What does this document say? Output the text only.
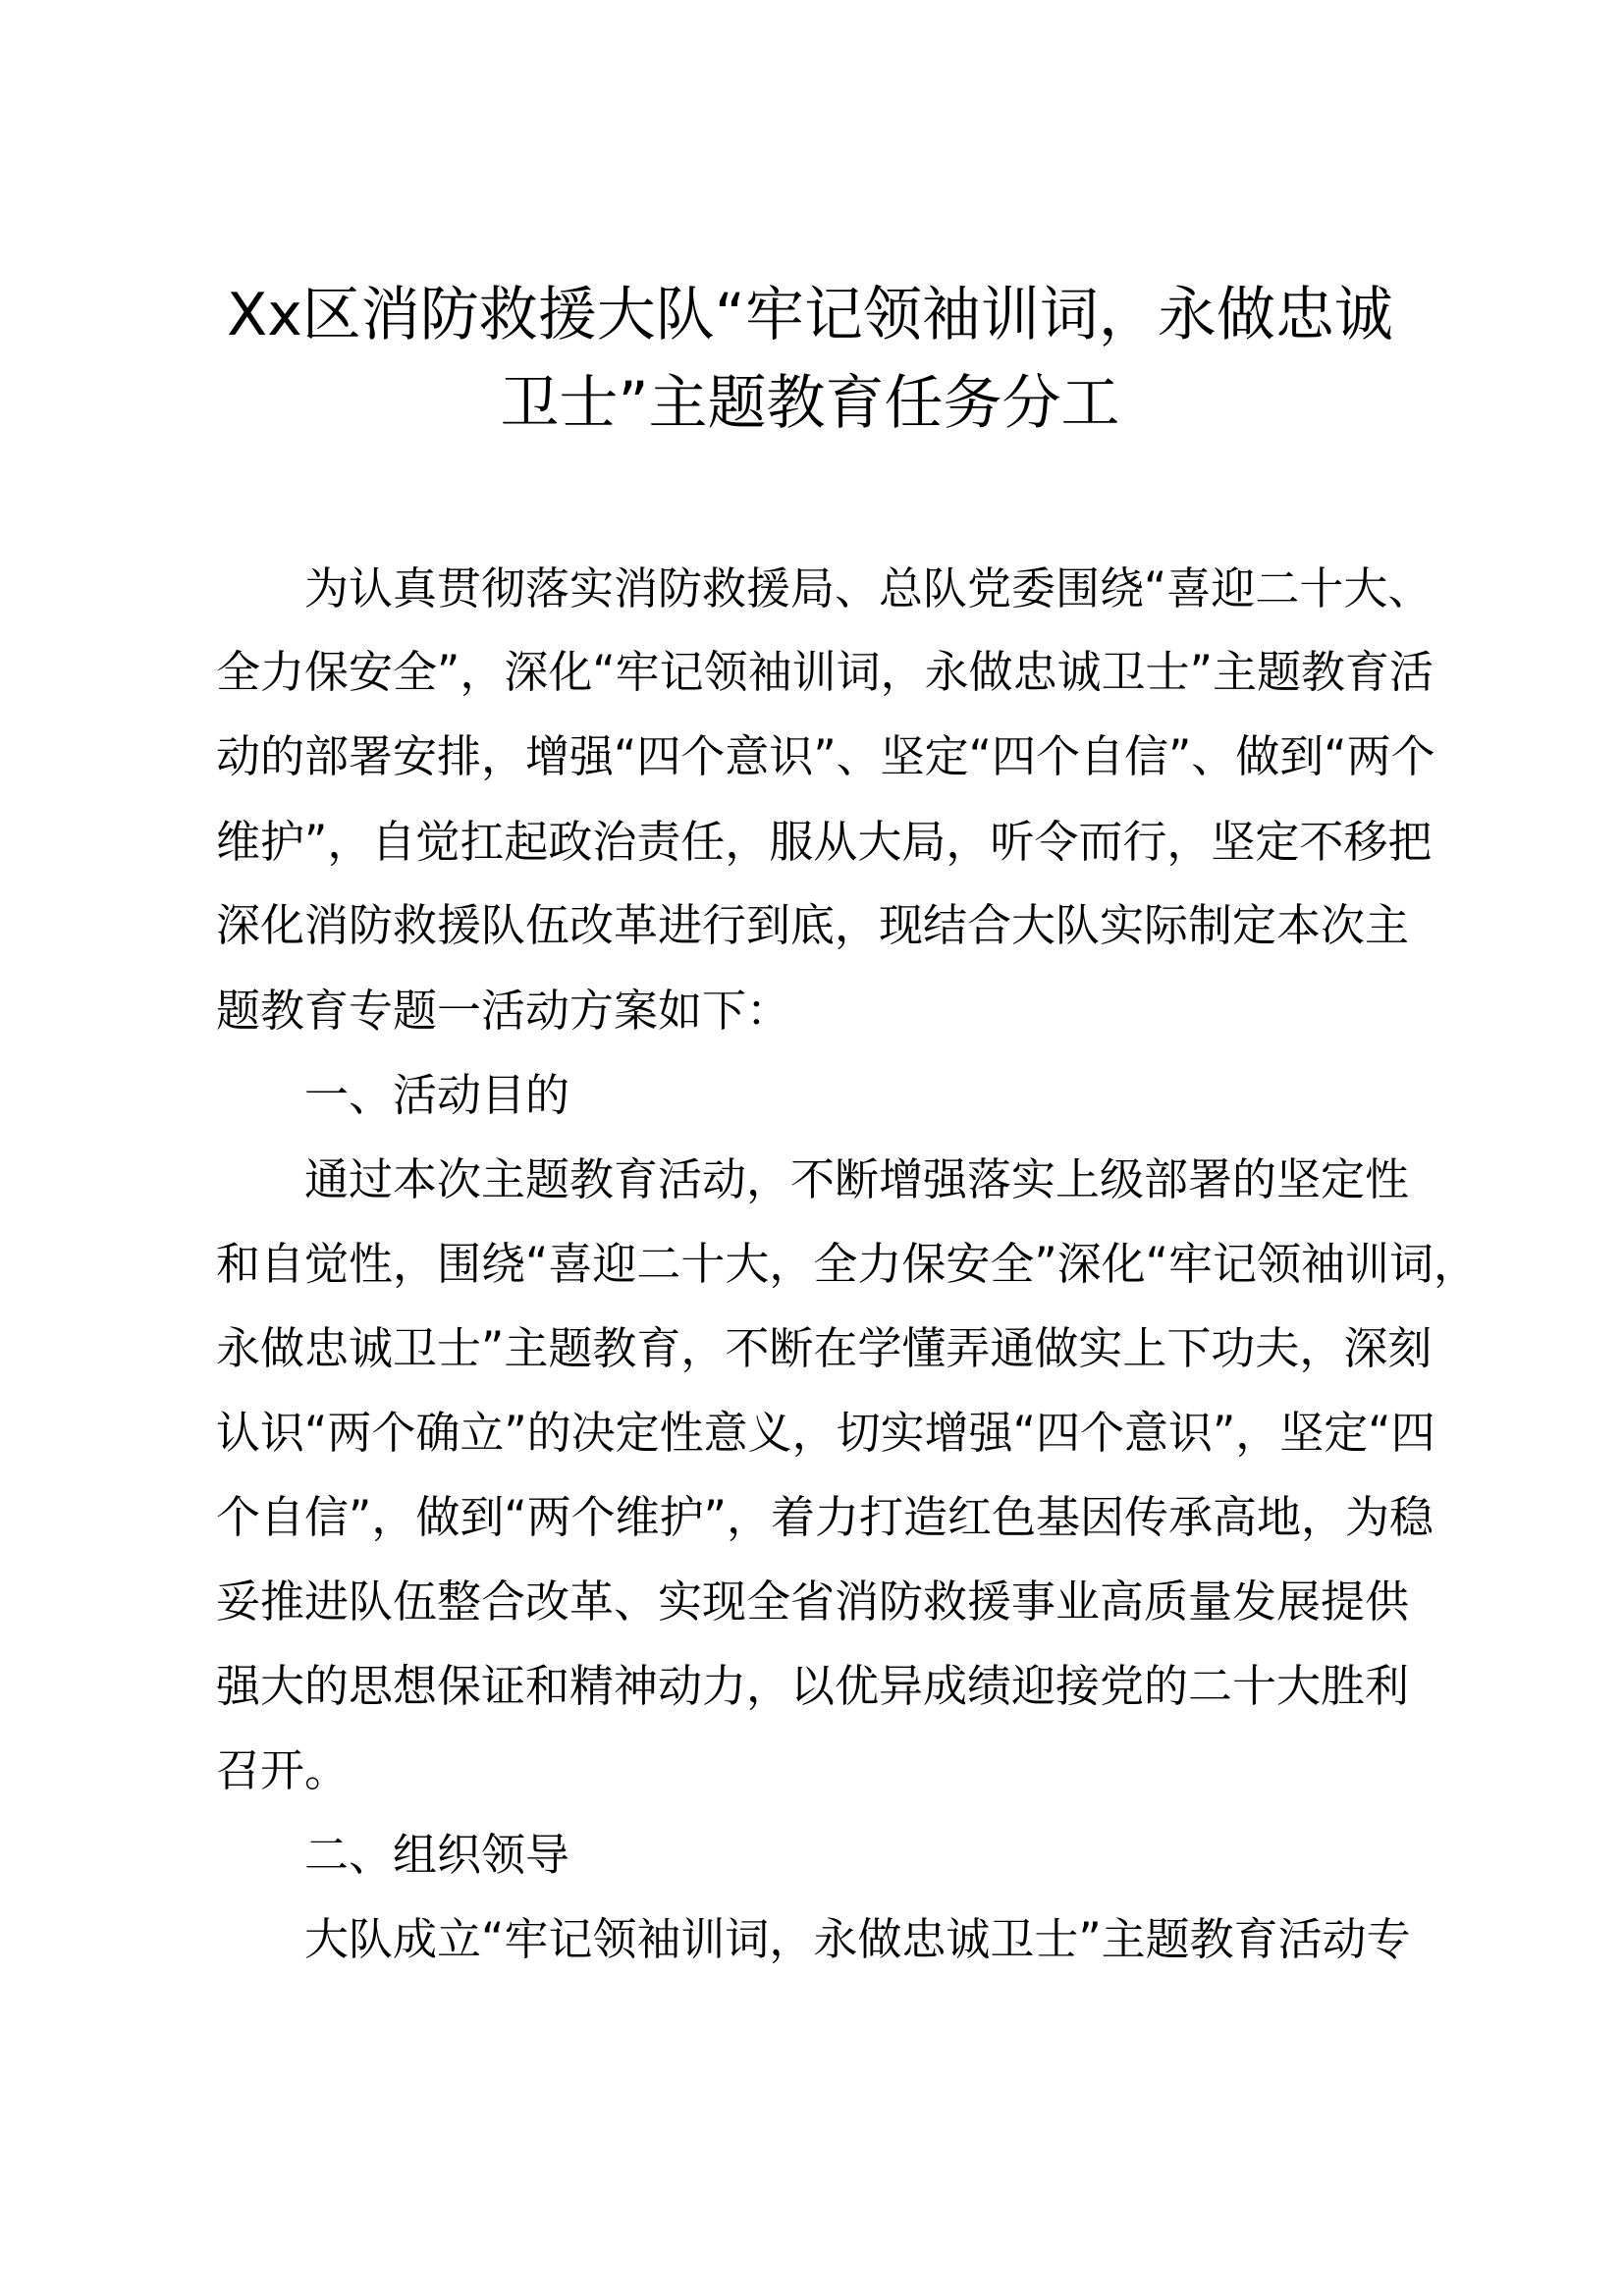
Xx区消防救援大队“牢记领袖训词，永做忠诚
卫士”主题教育任务分工
为认真贯彻落实消防救援局、总队党委围绕“喜迎二十大、
全力保安全”，深化“牢记领袖训词，永做忠诚卫士”主题教育活
动的部署安排，增强“四个意识”、坚定“四个自信”、做到“两个
维护”，自觉扛起政治责任，服从大局，听令而行，坚定不移把
深化消防救援队伍改革进行到底，现结合大队实际制定本次主
题教育专题一活动方案如下：
一、活动目的
通过本次主题教育活动，不断增强落实上级部署的坚定性
和自觉性，围绕“喜迎二十大，全力保安全”深化“牢记领袖训词，
永做忠诚卫士”主题教育，不断在学懂弄通做实上下功夫，深刻
认识“两个确立”的决定性意义，切实增强“四个意识”，坚定“四
个自信”，做到“两个维护”，着力打造红色基因传承高地，为稳
妥推进队伍整合改革、实现全省消防救援事业高质量发展提供
强大的思想保证和精神动力，以优异成绩迎接党的二十大胜利
召开。
二、组织领导
大队成立“牢记领袖训词，永做忠诚卫士”主题教育活动专
